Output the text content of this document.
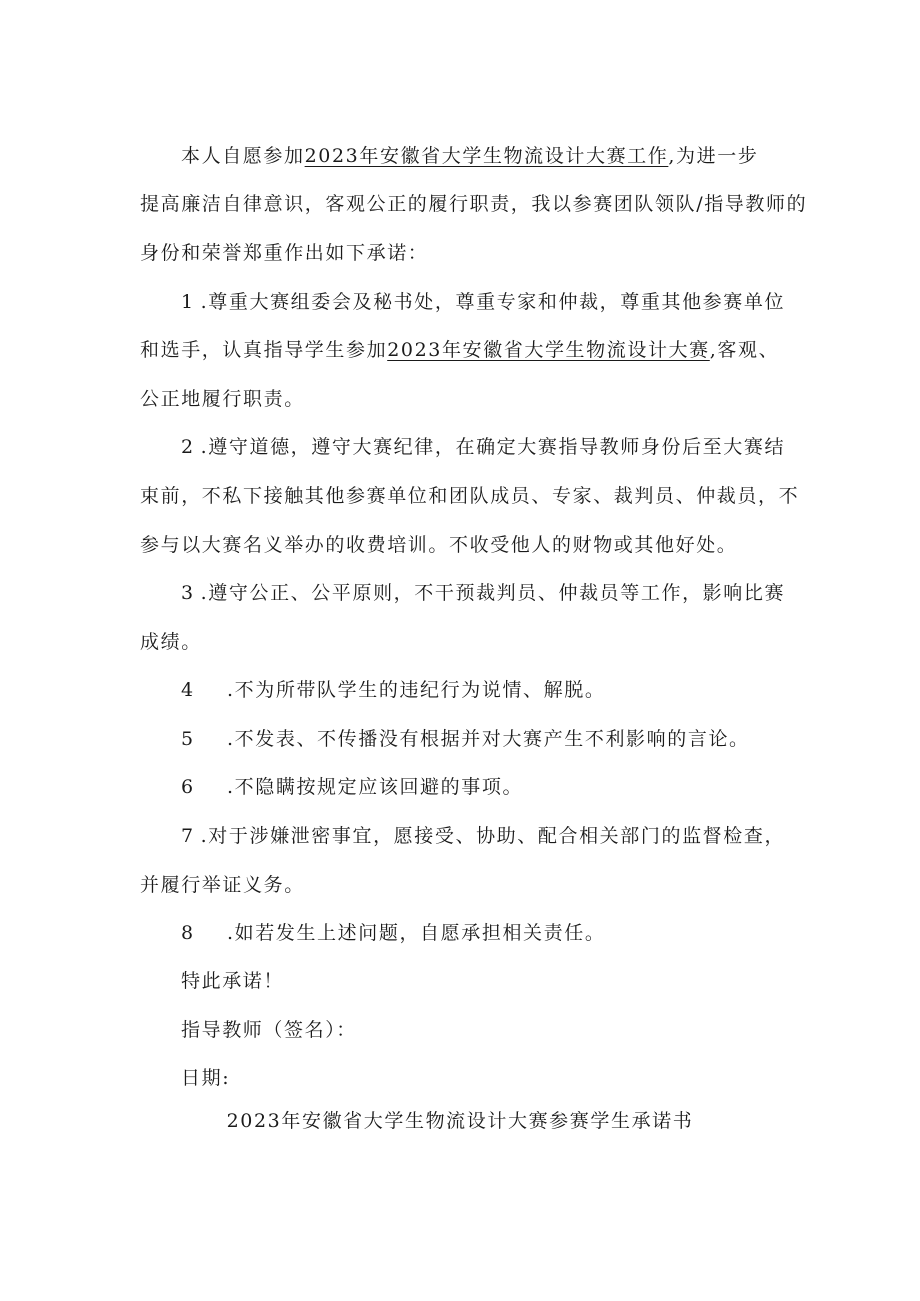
本人自愿参加2023年安徽省大学生物流设计大赛工作,为进一步
提高廉洁自律意识，客观公正的履行职责，我以参赛团队领队/指导教师的
身份和荣誉郑重作出如下承诺：
1 .尊重大赛组委会及秘书处，尊重专家和仲裁，尊重其他参赛单位
和选手，认真指导学生参加2023年安徽省大学生物流设计大赛,客观、
公正地履行职责。
2 .遵守道德，遵守大赛纪律，在确定大赛指导教师身份后至大赛结
束前，不私下接触其他参赛单位和团队成员、专家、裁判员、仲裁员，不
参与以大赛名义举办的收费培训。不收受他人的财物或其他好处。
3 .遵守公正、公平原则，不干预裁判员、仲裁员等工作，影响比赛
成绩。
4 .不为所带队学生的违纪行为说情、解脱。
5 .不发表、不传播没有根据并对大赛产生不利影响的言论。
6 .不隐瞒按规定应该回避的事项。
7 .对于涉嫌泄密事宜，愿接受、协助、配合相关部门的监督检查，
并履行举证义务。
8 .如若发生上述问题，自愿承担相关责任。
特此承诺！
指导教师（签名）：
日期:
2023年安徽省大学生物流设计大赛参赛学生承诺书
